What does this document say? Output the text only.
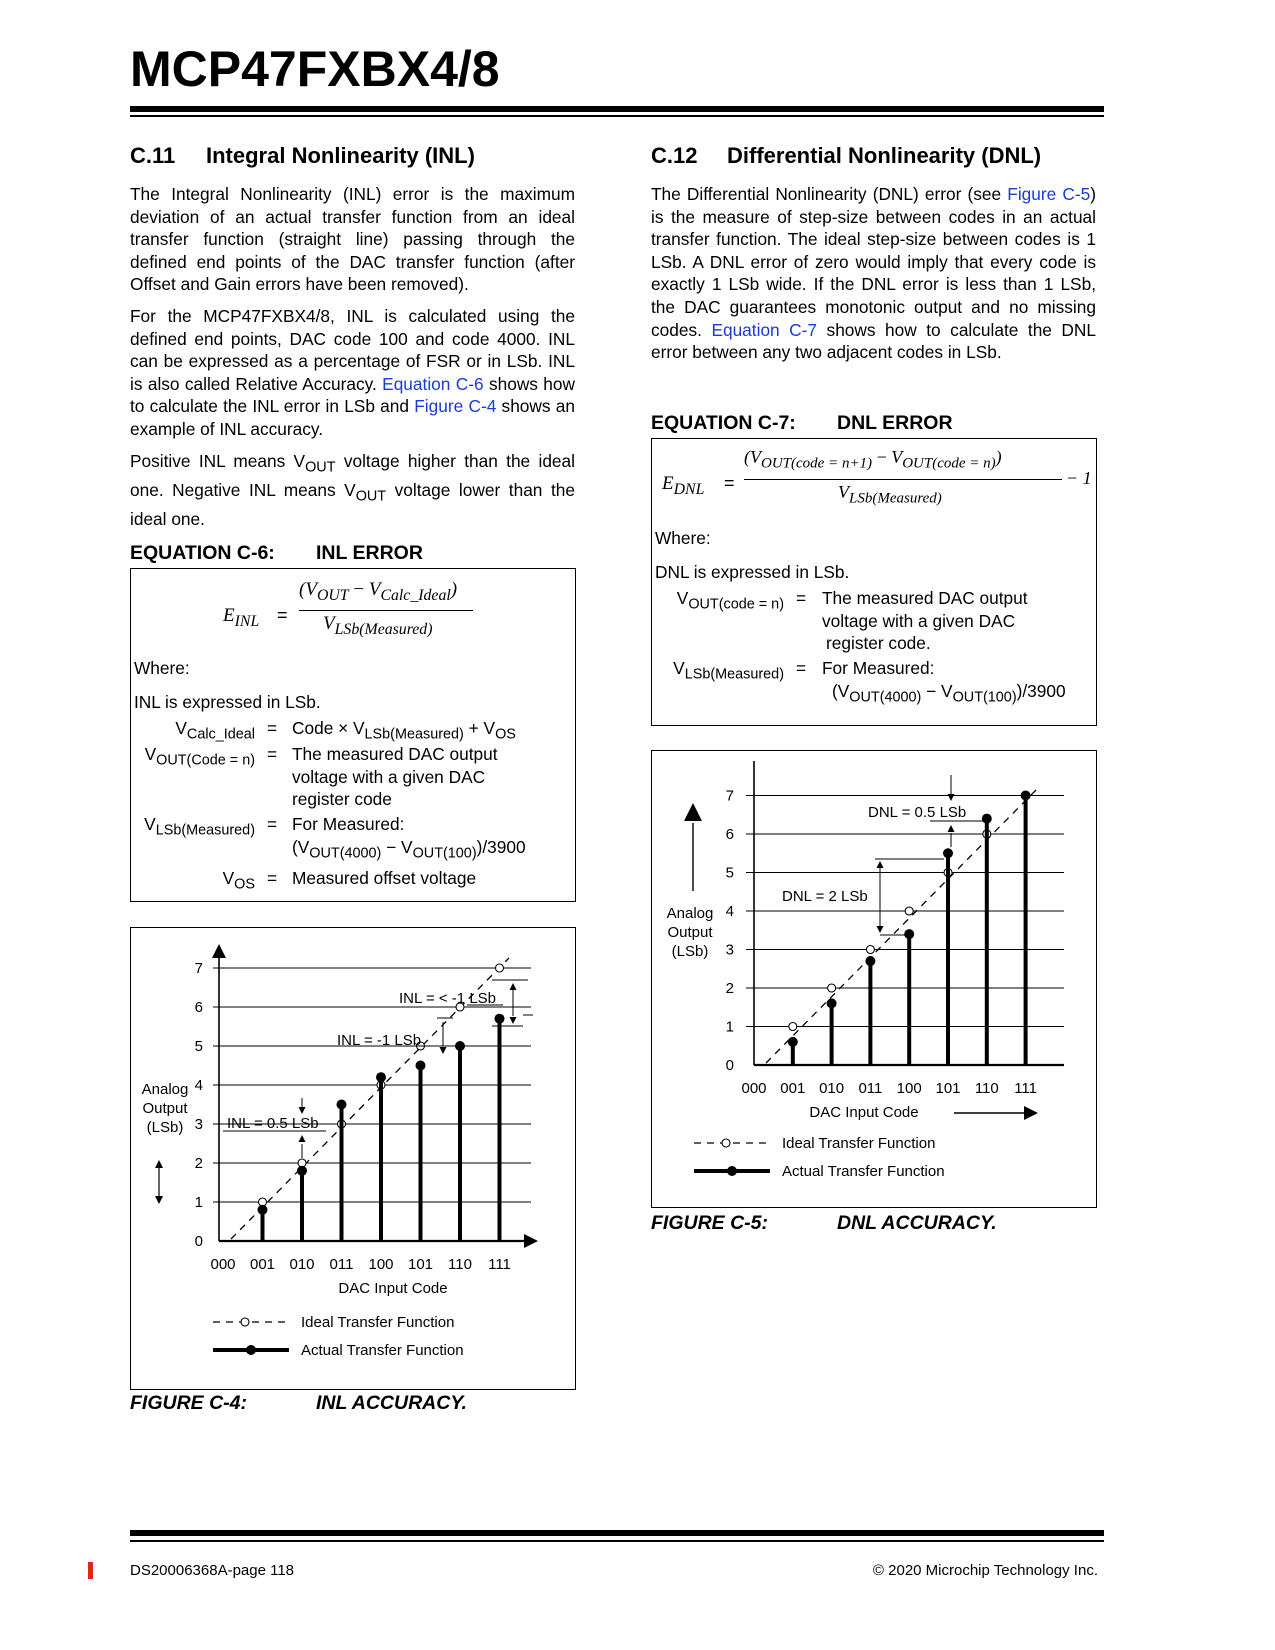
MCP47FXBX4/8
C.11 Integral Nonlinearity (INL)

The Integral Nonlinearity (INL) error is the maximum deviation of an actual transfer function from an ideal transfer function (straight line) passing through the defined end points of the DAC transfer function (after Offset and Gain errors have been removed).

For the MCP47FXBX4/8, INL is calculated using the defined end points, DAC code 100 and code 4000. INL can be expressed as a percentage of FSR or in LSb. INL is also called Relative Accuracy. Equation C-6 shows how to calculate the INL error in LSb and Figure C-4 shows an example of INL accuracy.

Positive INL means $V_{OUT}$ voltage higher than the ideal one. Negative INL means $V_{OUT}$ voltage lower than the ideal one.

EQUATION C-6: INL ERROR
$E_{INL}$ =
$(V_{OUT} - V_{Calc\_Ideal})$
$V_{LSb(Measured)}$
Where:
INL is expressed in LSb.
$V_{Calc\_Ideal}$ = Code × $V_{LSb(Measured)} + V_{OS}$
$V_{OUT(Code = n)}$ = The measured DAC output
voltage with a given DAC
register code
$V_{LSb(Measured)}$ = For Measured:
$(V_{OUT(4000)} - V_{OUT(100)})/3900$
$V_{OS}$ = Measured offset voltage
0
1
2
3
4
5
6
7
000 001 010 011 100 101 110 111
DAC Input Code
Analog
Output
(LSb)
Ideal Transfer Function
Actual Transfer Function
INL = 0.5 LSb
INL = -1 LSb
INL = < -1 LSb
FIGURE C-4:	INL ACCURACY.
C.12 Differential Nonlinearity (DNL)

The Differential Nonlinearity (DNL) error (see Figure C-5) is the measure of step-size between codes in an actual transfer function. The ideal step-size between codes is 1 LSb. A DNL error of zero would imply that every code is exactly 1 LSb wide. If the DNL error is less than 1 LSb, the DAC guarantees monotonic output and no missing codes. Equation C-7 shows how to calculate the DNL error between any two adjacent codes in LSb.

EQUATION C-7: DNL ERROR
$E_{DNL}$ =
$(V_{OUT(code = n+1)} - V_{OUT(code = n)})$
$V_{LSb(Measured)}$
− 1
Where:
DNL is expressed in LSb.
$V_{OUT(code = n)}$ = The measured DAC output
voltage with a given DAC
register code.
$V_{LSb(Measured)}$ = For Measured:
$(V_{OUT(4000)} - V_{OUT(100)})/3900$
0
1
2
3
4
5
6
7
000 001 010 011 100 101 110 111
DAC Input Code
Analog
Output
(LSb)
Ideal Transfer Function
Actual Transfer Function
DNL = 2 LSb
DNL = 0.5 LSb
FIGURE C-5:	DNL ACCURACY.
DS20006368A-page 118	© 2020 Microchip Technology Inc.
